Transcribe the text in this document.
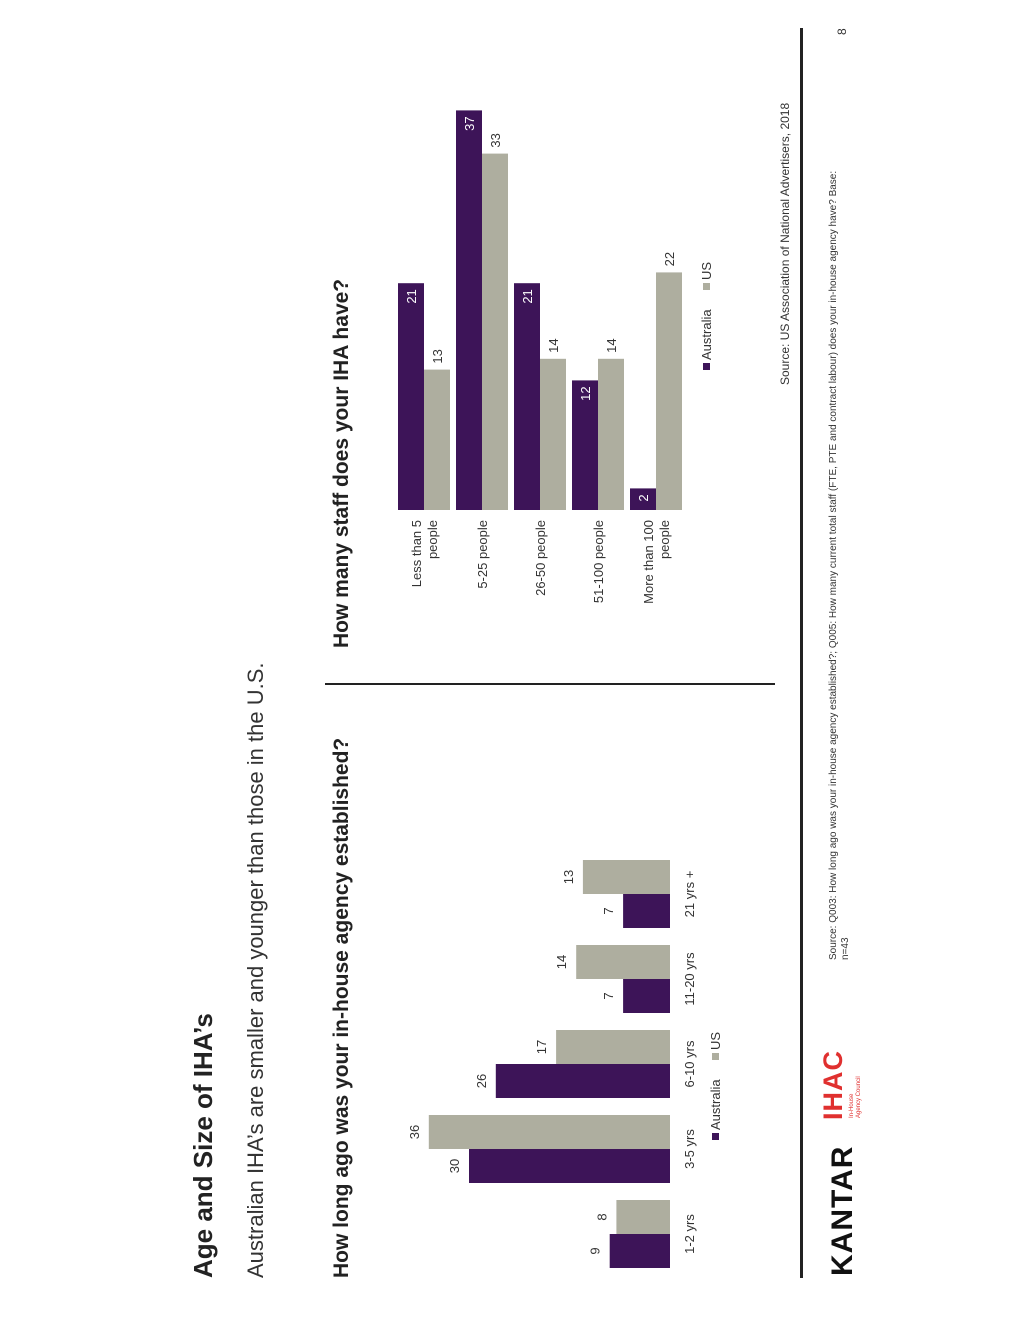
Age and Size of IHA’s Australian IHA’s are smaller and younger than those in the U.S.	How long ago was your in-house agency established?
How many staff does your IHA have?
9
8	1-2 yrs
30
36	3-5 yrs
26
17	6-10 yrs
7
14	11-20 yrs
7
13	21 yrs +
Australia
US
21
13
Less than 5 people
37
33
5-25 people
21
14
26-50 people
12
14
51-100 people
2
22
More than 100 people
Australia
US	Source: US Association of National Advertisers, 2018
KANTAR
IHAC In-House Agency Council
Source: Q003: How long ago was your in-house agency established?; Q005: How many current total staff (FTE, PTE and contract labour) does your in-house agency have? Base: n=43
8
